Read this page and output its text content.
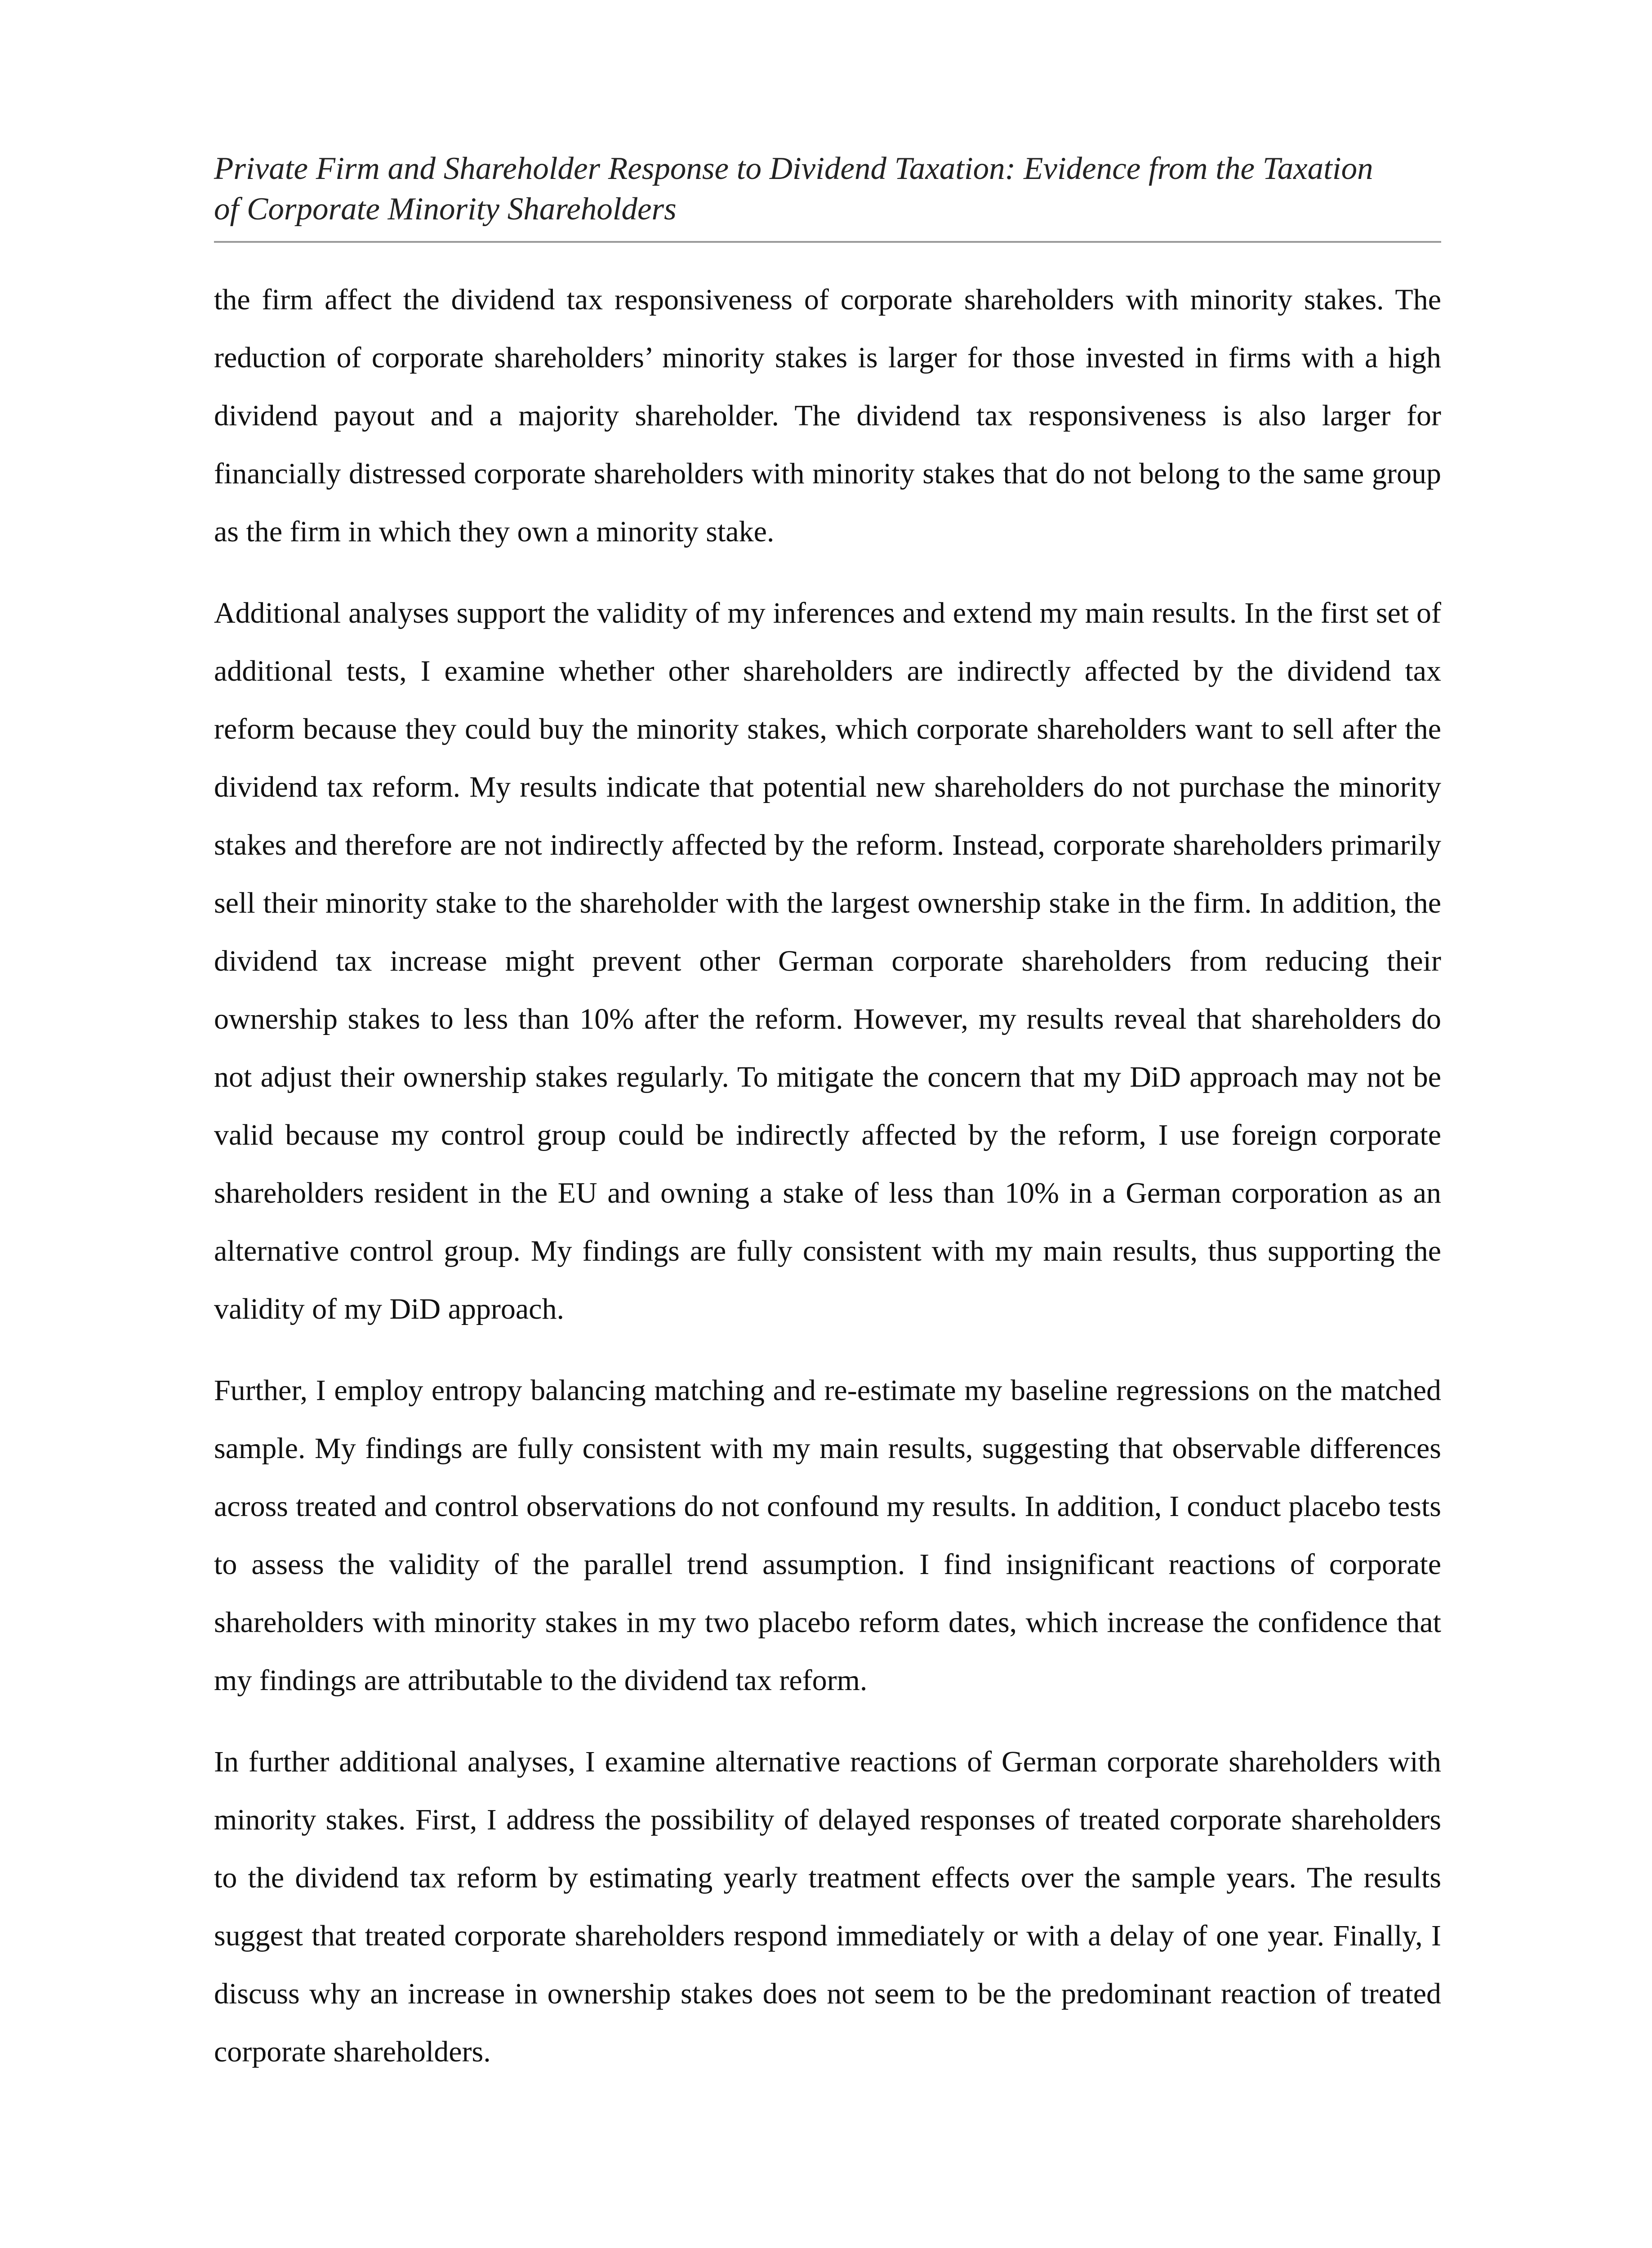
Private Firm and Shareholder Response to Dividend Taxation: Evidence from the Taxation
of Corporate Minority Shareholders

the firm affect the dividend tax responsiveness of corporate shareholders with minority stakes. The reduction of corporate shareholders’ minority stakes is larger for those invested in firms with a high dividend payout and a majority shareholder. The dividend tax responsiveness is also larger for financially distressed corporate shareholders with minority stakes that do not belong to the same group as the firm in which they own a minority stake.

Additional analyses support the validity of my inferences and extend my main results. In the first set of additional tests, I examine whether other shareholders are indirectly affected by the dividend tax reform because they could buy the minority stakes, which corporate shareholders want to sell after the dividend tax reform. My results indicate that potential new shareholders do not purchase the minority stakes and therefore are not indirectly affected by the reform. Instead, corporate shareholders primarily sell their minority stake to the shareholder with the largest ownership stake in the firm. In addition, the dividend tax increase might prevent other German corporate shareholders from reducing their ownership stakes to less than 10% after the reform. However, my results reveal that shareholders do not adjust their ownership stakes regularly. To mitigate the concern that my DiD approach may not be valid because my control group could be indirectly affected by the reform, I use foreign corporate shareholders resident in the EU and owning a stake of less than 10% in a German corporation as an alternative control group. My findings are fully consistent with my main results, thus supporting the validity of my DiD approach.

Further, I employ entropy balancing matching and re-estimate my baseline regressions on the matched sample. My findings are fully consistent with my main results, suggesting that observable differences across treated and control observations do not confound my results. In addition, I conduct placebo tests to assess the validity of the parallel trend assumption. I find insignificant reactions of corporate shareholders with minority stakes in my two placebo reform dates, which increase the confidence that my findings are attributable to the dividend tax reform.

In further additional analyses, I examine alternative reactions of German corporate shareholders with minority stakes. First, I address the possibility of delayed responses of treated corporate shareholders to the dividend tax reform by estimating yearly treatment effects over the sample years. The results suggest that treated corporate shareholders respond immediately or with a delay of one year. Finally, I discuss why an increase in ownership stakes does not seem to be the predominant reaction of treated corporate shareholders.
